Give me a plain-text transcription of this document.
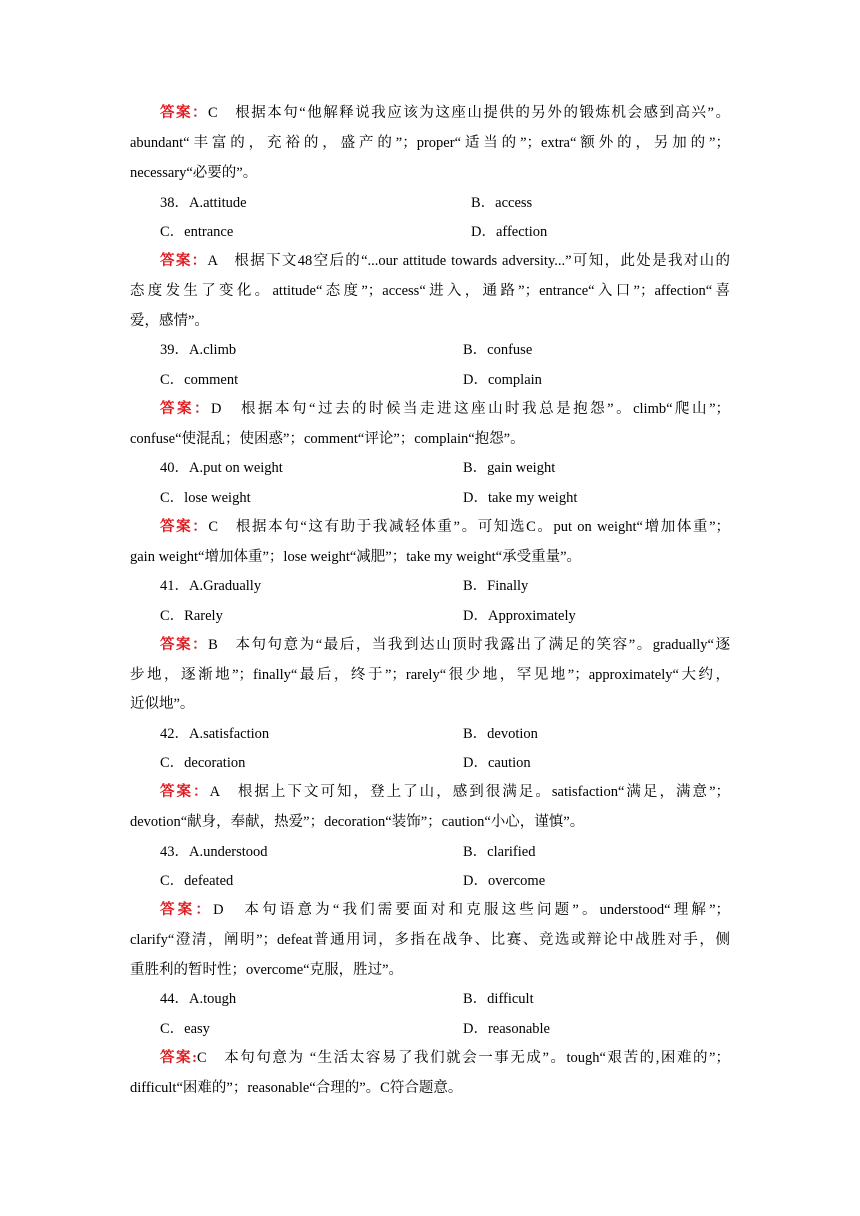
答案：C　根据本句“他解释说我应该为这座山提供的另外的锻炼机会感到高兴”。
abundant“丰富的，充裕的，盛产的”；proper“适当的”；extra“额外的，另加的”；
necessary“必要的”。
38．A.attitude	B．access
C．entrance	D．affection
答案：A　根据下文48空后的“...our attitude towards adversity...”可知，此处是我对山的
态度发生了变化。attitude“态度”；access“进入，通路”；entrance“入口”；affection“喜
爱，感情”。
39．A.climb	B．confuse
C．comment	D．complain
答案：D　根据本句“过去的时候当走进这座山时我总是抱怨”。climb“爬山”；
confuse“使混乱；使困惑”；comment“评论”；complain“抱怨”。
40．A.put on weight	B．gain weight
C．lose weight	D．take my weight
答案：C　根据本句“这有助于我减轻体重”。可知选C。put on weight“增加体重”；
gain weight“增加体重”；lose weight“减肥”；take my weight“承受重量”。
41．A.Gradually	B．Finally
C．Rarely	D．Approximately
答案：B　本句句意为“最后，当我到达山顶时我露出了满足的笑容”。gradually“逐
步地，逐渐地”；finally“最后，终于”；rarely“很少地，罕见地”；approximately“大约，
近似地”。
42．A.satisfaction	B．devotion
C．decoration	D．caution
答案：A　根据上下文可知，登上了山，感到很满足。satisfaction“满足，满意”；
devotion“献身，奉献，热爱”；decoration“装饰”；caution“小心，谨慎”。
43．A.understood	B．clarified
C．defeated	D．overcome
答案：D　本句语意为“我们需要面对和克服这些问题”。understood“理解”；
clarify“澄清，阐明”；defeat普通用词，多指在战争、比赛、竞选或辩论中战胜对手，侧
重胜利的暂时性；overcome“克服，胜过”。
44．A.tough	B．difficult
C．easy	D．reasonable
答案:C　本句句意为 “生活太容易了我们就会一事无成”。tough“艰苦的,困难的”；
difficult“困难的”；reasonable“合理的”。C符合题意。
